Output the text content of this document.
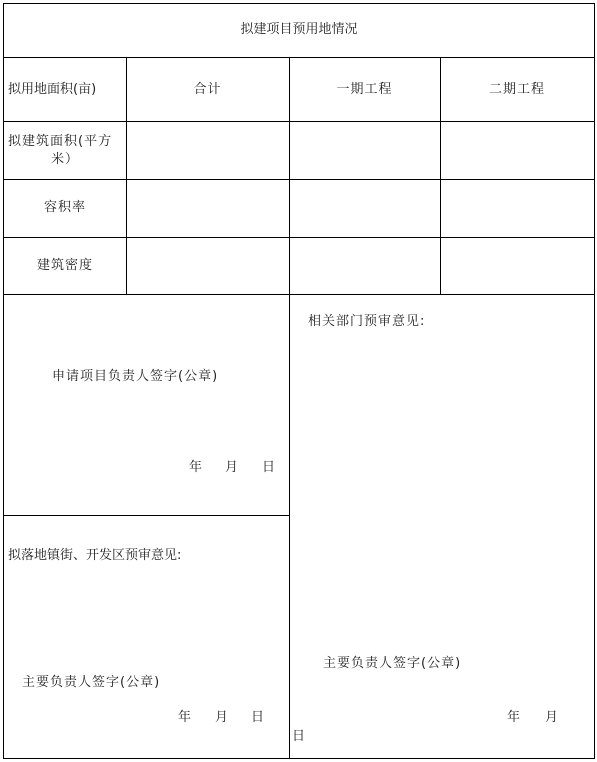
拟建项目预用地情况
拟用地面积(亩)	合计	一期工程	二期工程
拟建筑面积(平方
米）
容积率
建筑密度
申请项目负责人签字(公章)
年 月 日
拟落地镇街、开发区预审意见:
主要负责人签字(公章)
年 月 日
相关部门预审意见:
主要负责人签字(公章)
年 月
日
